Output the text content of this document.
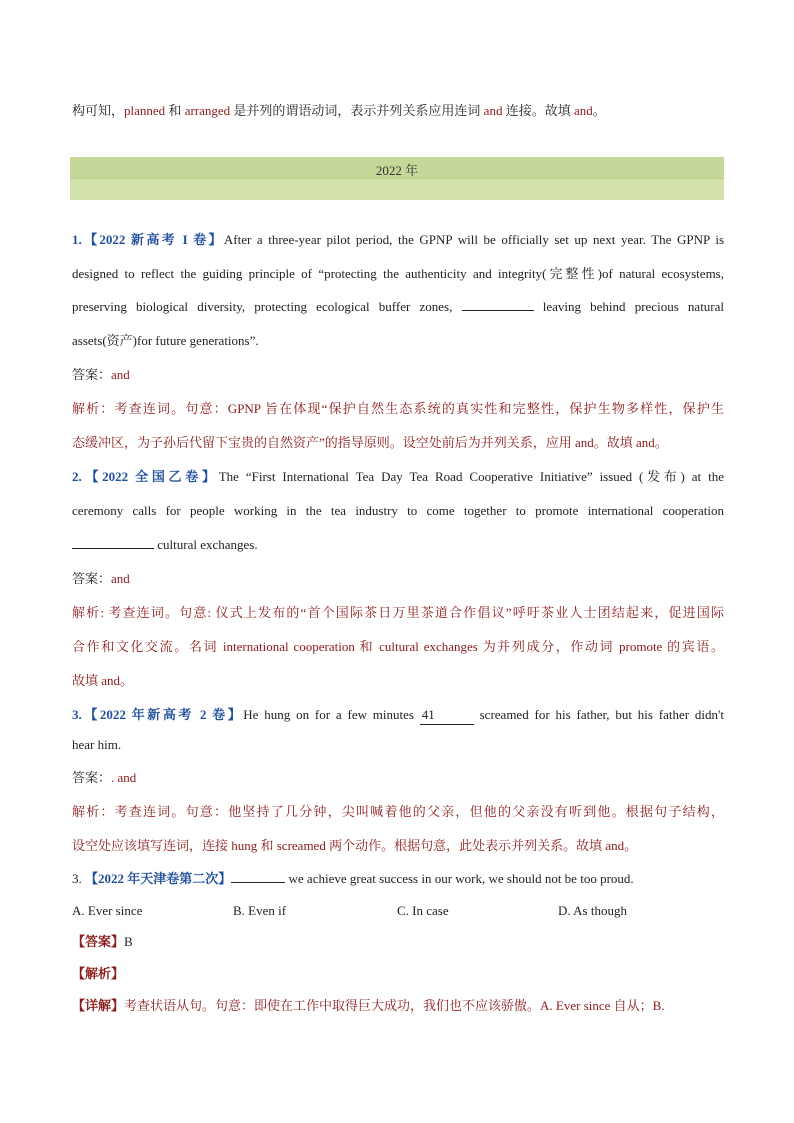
构可知，planned 和 arranged 是并列的谓语动词，表示并列关系应用连词 and 连接。故填 and。
1.【2022 新高考 I 卷】After a three-year pilot period, the GPNP will be officially set up next year. The GPNP is
designed to reflect the guiding principle of “protecting the authenticity and integrity(完整性)of natural ecosystems,
preserving biological diversity, protecting ecological buffer zones,	leaving behind precious natural
assets(资产)for future generations”.
答案：and
解析：考查连词。句意：GPNP 旨在体现“保护自然生态系统的真实性和完整性，保护生物多样性，保护生
态缓冲区，为子孙后代留下宝贵的自然资产”的指导原则。设空处前后为并列关系，应用 and。故填 and。
2.【2022 全国乙卷】The “First International Tea Day Tea Road Cooperative Initiative” issued (发布) at the
ceremony calls for people working in the tea industry to come together to promote international cooperation
cultural exchanges.
答案：and
解析: 考查连词。句意: 仪式上发布的“首个国际茶日万里茶道合作倡议”呼吁茶业人士团结起来，促进国际
合作和文化交流。名词 international cooperation 和 cultural exchanges 为并列成分，作动词 promote 的宾语。
故填 and。
3.【2022 年新高考 2 卷】He hung on for a few minutes 41	screamed for his father, but his father didn't
hear him.
答案：. and
解析：考查连词。句意：他坚持了几分钟，尖叫喊着他的父亲，但他的父亲没有听到他。根据句子结构，
设空处应该填写连词，连接 hung 和 screamed 两个动作。根据句意，此处表示并列关系。故填 and。
3. 【2022 年天津卷第二次】	we achieve great success in our work, we should not be too proud.
A. Ever since	B. Even if	C. In case	D. As though
【答案】B
【解析】
【详解】考查状语从句。句意：即使在工作中取得巨大成功，我们也不应该骄傲。A. Ever since 自从；B.
2022 年
